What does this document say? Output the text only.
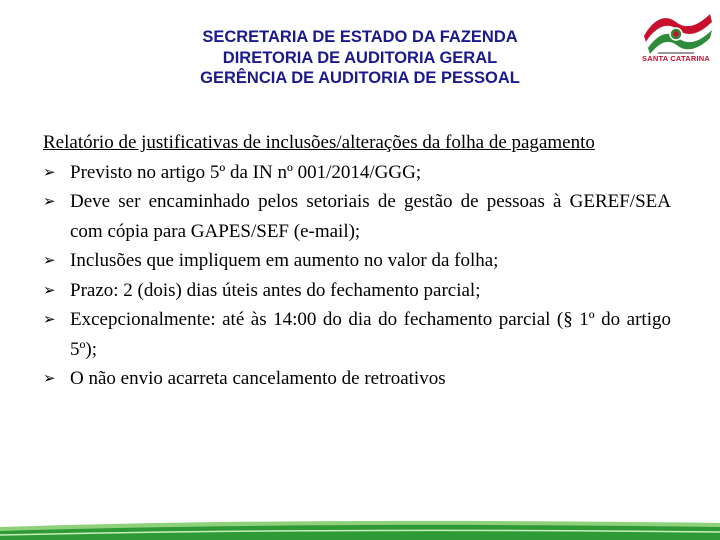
SECRETARIA DE ESTADO DA FAZENDA
DIRETORIA DE AUDITORIA GERAL
GERÊNCIA DE AUDITORIA DE PESSOAL
SANTA CATARINA
Relatório de justificativas de inclusões/alterações da folha de pagamento
➢ Previsto no artigo 5º da IN nº 001/2014/GGG;
➢ Deve ser encaminhado pelos setoriais de gestão de pessoas à GEREF/SEA com cópia para GAPES/SEF (e-mail);
➢ Inclusões que impliquem em aumento no valor da folha;
➢ Prazo: 2 (dois) dias úteis antes do fechamento parcial;
➢ Excepcionalmente: até às 14:00 do dia do fechamento parcial (§ 1º do artigo 5º);
➢ O não envio acarreta cancelamento de retroativos
